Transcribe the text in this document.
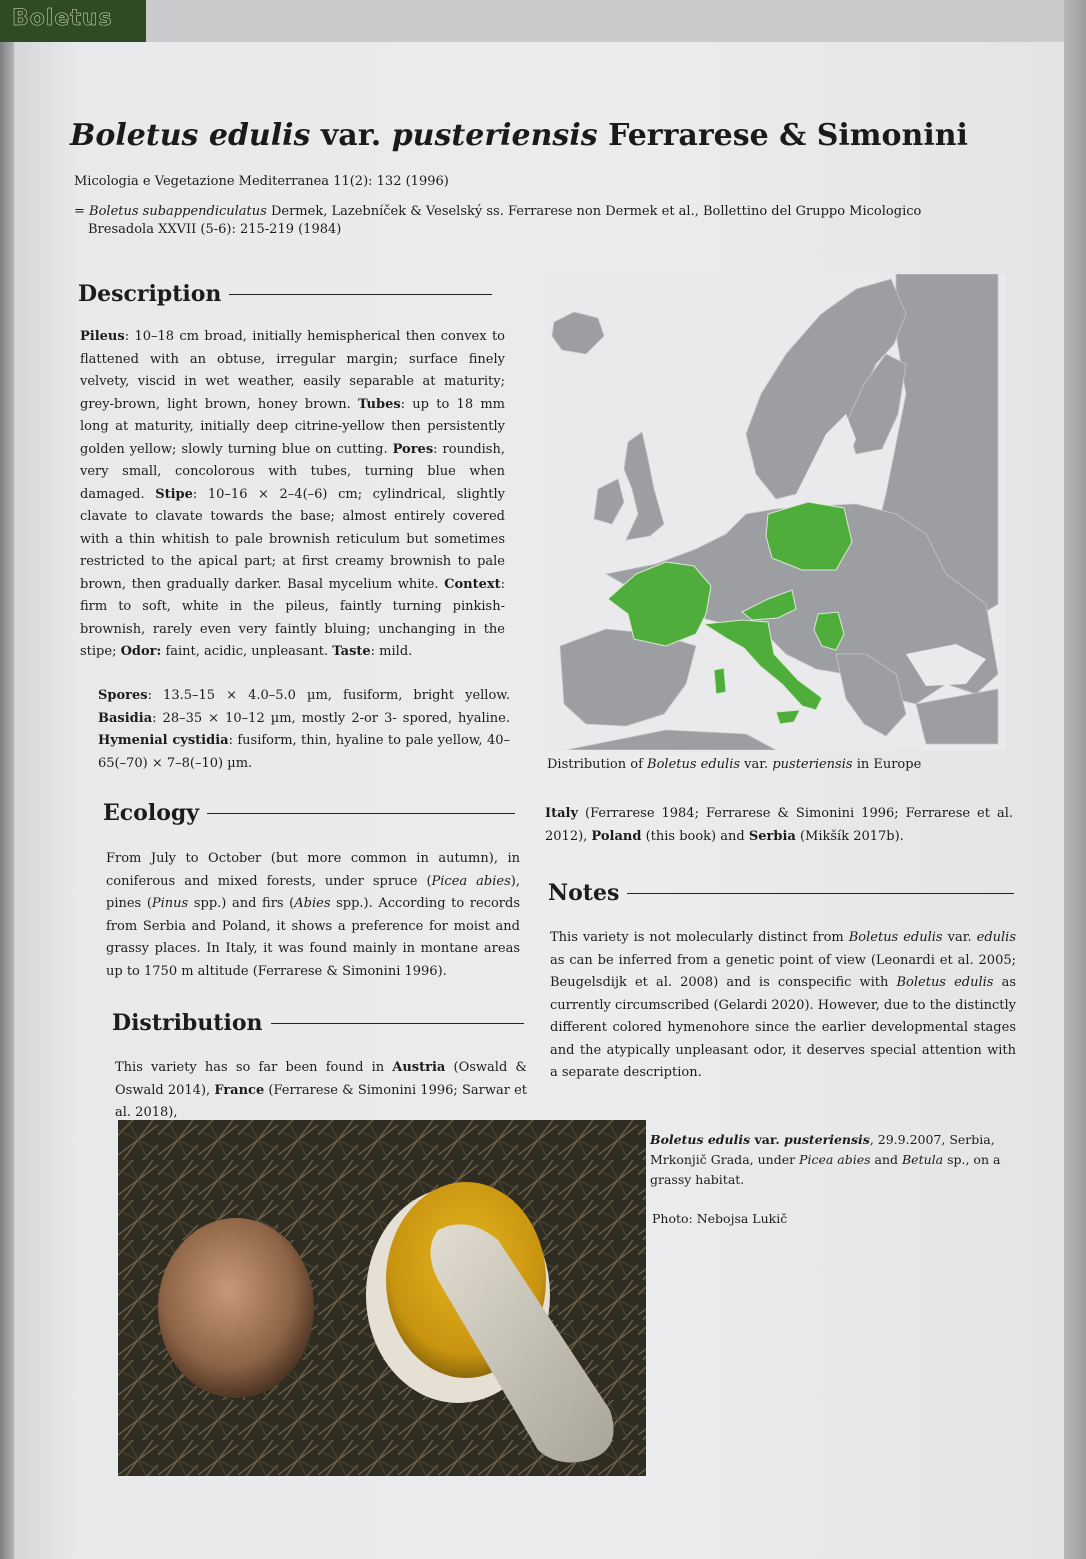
Boletus
Boletus edulis var. pusteriensis Ferrarese & Simonini
Micologia e Vegetazione Mediterranea 11(2): 132 (1996)
= Boletus subappendiculatus Dermek, Lazebníček & Veselský ss. Ferrarese non Dermek et al., Bollettino del Gruppo Micologico
Bresadola XXVII (5-6): 215-219 (1984)
Description
Pileus: 10–18 cm broad, initially hemispherical then convex to flattened with an obtuse, irregular margin; surface finely velvety, viscid in wet weather, easily separable at maturity; grey-brown, light brown, honey brown. Tubes: up to 18 mm long at maturity, initially deep citrine-yellow then persistently golden yellow; slowly turning blue on cutting. Pores: roundish, very small, concolorous with tubes, turning blue when damaged. Stipe: 10–16 × 2–4(–6) cm; cylindrical, slightly clavate to clavate towards the base; almost entirely covered with a thin whitish to pale brownish reticulum but sometimes restricted to the apical part; at first creamy brownish to pale brown, then gradually darker. Basal mycelium white. Context: firm to soft, white in the pileus, faintly turning pinkish-brownish, rarely even very faintly bluing; unchanging in the stipe; Odor: faint, acidic, unpleasant. Taste: mild.
Spores: 13.5–15 × 4.0–5.0 µm, fusiform, bright yellow. Basidia: 28–35 × 10–12 µm, mostly 2-or 3- spored, hyaline. Hymenial cystidia: fusiform, thin, hyaline to pale yellow, 40–65(–70) × 7–8(–10) µm.
Ecology
From July to October (but more common in autumn), in coniferous and mixed forests, under spruce (Picea abies), pines (Pinus spp.) and firs (Abies spp.). According to records from Serbia and Poland, it shows a preference for moist and grassy places. In Italy, it was found mainly in montane areas up to 1750 m altitude (Ferrarese & Simonini 1996).
Distribution
This variety has so far been found in Austria (Oswald & Oswald 2014), France (Ferrarese & Simonini 1996; Sarwar et al. 2018),
Distribution of Boletus edulis var. pusteriensis in Europe
Italy (Ferrarese 1984; Ferrarese & Simonini 1996; Ferrarese et al. 2012), Poland (this book) and Serbia (Mikšík 2017b).
Notes
This variety is not molecularly distinct from Boletus edulis var. edulis as can be inferred from a genetic point of view (Leonardi et al. 2005; Beugelsdijk et al. 2008) and is conspecific with Boletus edulis as currently circumscribed (Gelardi 2020). However, due to the distinctly different colored hymenohore since the earlier developmental stages and the atypically unpleasant odor, it deserves special attention with a separate description.
Boletus edulis var. pusteriensis, 29.9.2007, Serbia, Mrkonjič Grada, under Picea abies and Betula sp., on a grassy habitat.
Photo: Nebojsa Lukič
